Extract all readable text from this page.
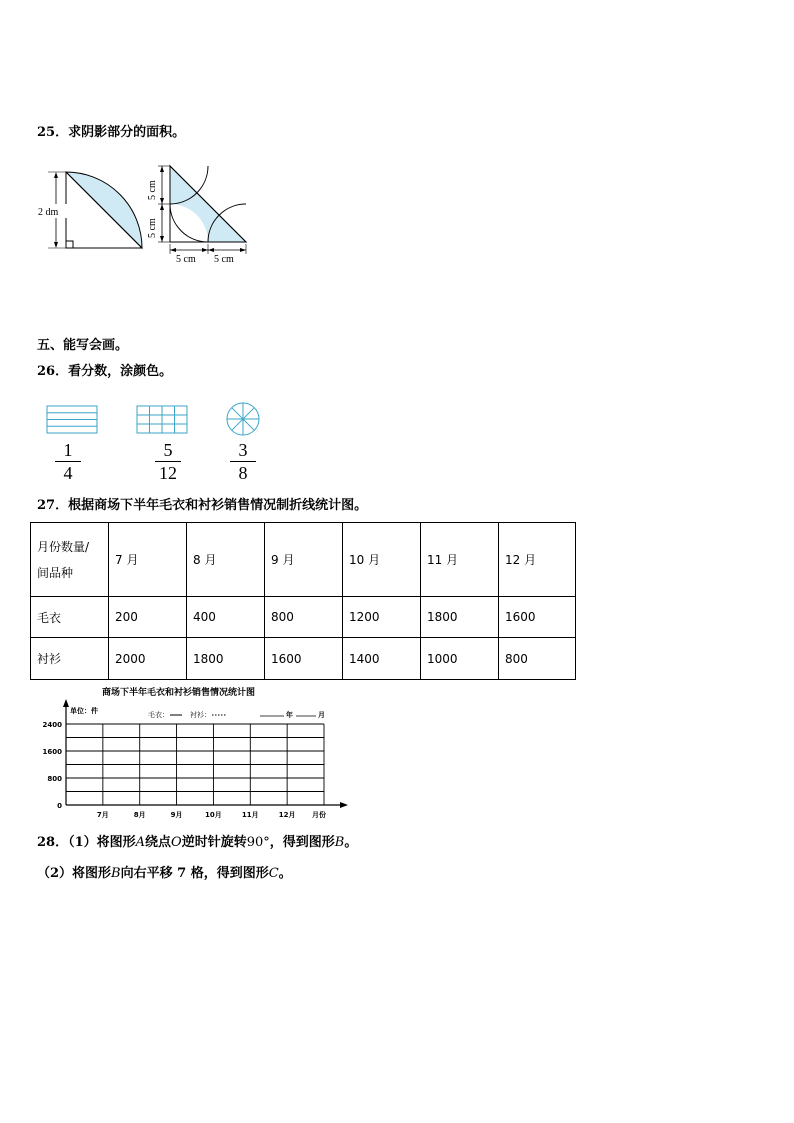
25．求阴影部分的面积。
2 dm
5 cm
5 cm
5 cm 5 cm
五、能写会画。
26．看分数，涂颜色。
1
4
5
12
3
8
27．根据商场下半年毛衣和衬衫销售情况制折线统计图。
月份数量/
间品种	7 月	8 月	9 月	10 月	11 月	12 月
毛衣	200	400	800	1200	1800	1600
衬衫	2000	1800	1600	1400	1000	800
商场下半年毛衣和衬衫销售情况统计图
单位：件	毛衣：	衬衫：	年	月
2400
1600
800
0
7月	8月	9月	10月	11月	12月 月份
28．（1）将图形A绕点O逆时针旋转90°，得到图形B。
（2）将图形B向右平移 7 格，得到图形C。
